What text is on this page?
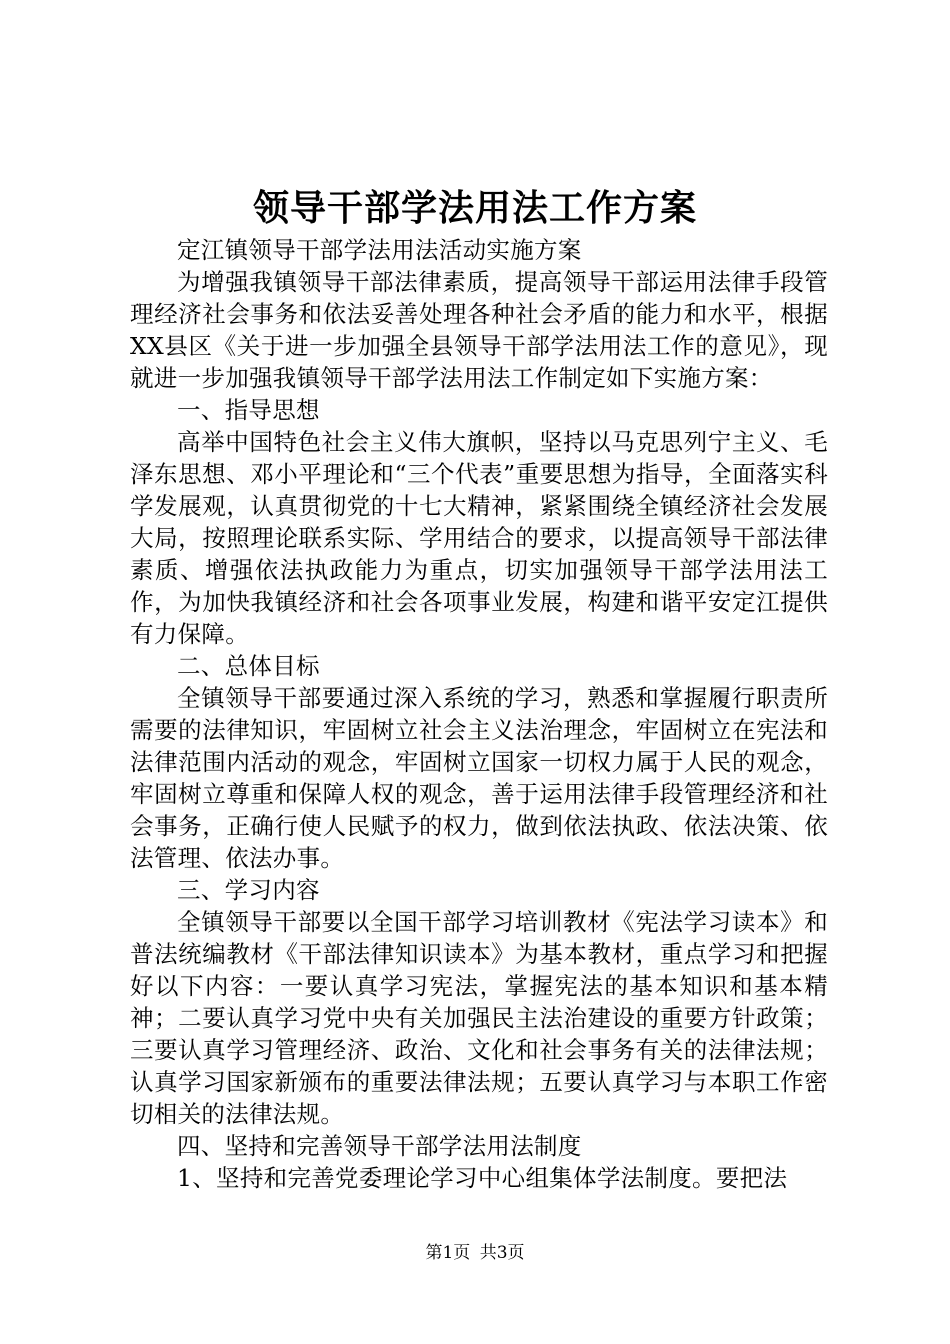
领导干部学法用法工作方案

定江镇领导干部学法用法活动实施方案

为增强我镇领导干部法律素质，提高领导干部运用法律手段管理经济社会事务和依法妥善处理各种社会矛盾的能力和水平，根据XX县区《关于进一步加强全县领导干部学法用法工作的意见》，现就进一步加强我镇领导干部学法用法工作制定如下实施方案：

一、指导思想

高举中国特色社会主义伟大旗帜，坚持以马克思列宁主义、毛泽东思想、邓小平理论和“三个代表”重要思想为指导，全面落实科学发展观，认真贯彻党的十七大精神，紧紧围绕全镇经济社会发展大局，按照理论联系实际、学用结合的要求，以提高领导干部法律素质、增强依法执政能力为重点，切实加强领导干部学法用法工作，为加快我镇经济和社会各项事业发展，构建和谐平安定江提供有力保障。

二、总体目标

全镇领导干部要通过深入系统的学习，熟悉和掌握履行职责所需要的法律知识，牢固树立社会主义法治理念，牢固树立在宪法和法律范围内活动的观念，牢固树立国家一切权力属于人民的观念，牢固树立尊重和保障人权的观念，善于运用法律手段管理经济和社会事务，正确行使人民赋予的权力，做到依法执政、依法决策、依法管理、依法办事。

三、学习内容

全镇领导干部要以全国干部学习培训教材《宪法学习读本》和普法统编教材《干部法律知识读本》为基本教材，重点学习和把握好以下内容：一要认真学习宪法，掌握宪法的基本知识和基本精神；二要认真学习党中央有关加强民主法治建设的重要方针政策；三要认真学习管理经济、政治、文化和社会事务有关的法律法规；认真学习国家新颁布的重要法律法规；五要认真学习与本职工作密切相关的法律法规。

四、坚持和完善领导干部学法用法制度

1、坚持和完善党委理论学习中心组集体学法制度。要把法

第1页 共3页
